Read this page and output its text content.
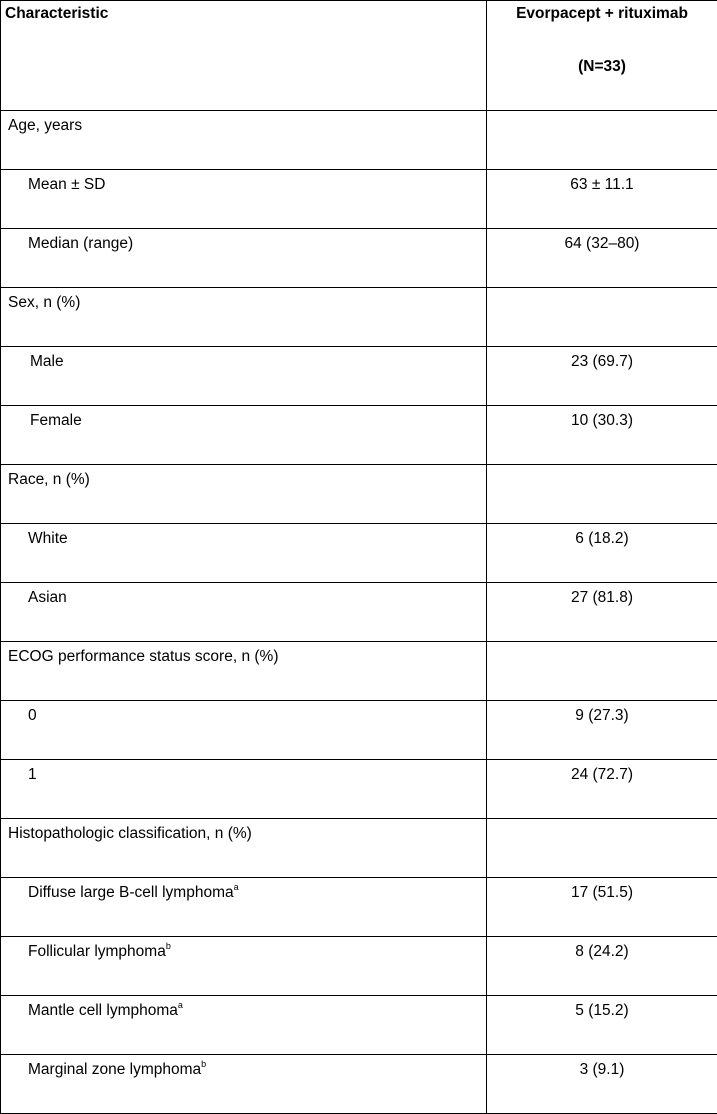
Characteristic	Evorpacept + rituximab
(N=33)

Age, years	
Mean ± SD	63 ± 11.1
Median (range)	64 (32–80)
Sex, n (%)	
Male	23 (69.7)
Female	10 (30.3)
Race, n (%)	
White	6 (18.2)
Asian	27 (81.8)
ECOG performance status score, n (%)	
0	9 (27.3)
1	24 (72.7)
Histopathologic classification, n (%)	
Diffuse large B-cell lymphoma$^a$	17 (51.5)
Follicular lymphoma$^b$	8 (24.2)
Mantle cell lymphoma$^a$	5 (15.2)
Marginal zone lymphoma$^b$	3 (9.1)
